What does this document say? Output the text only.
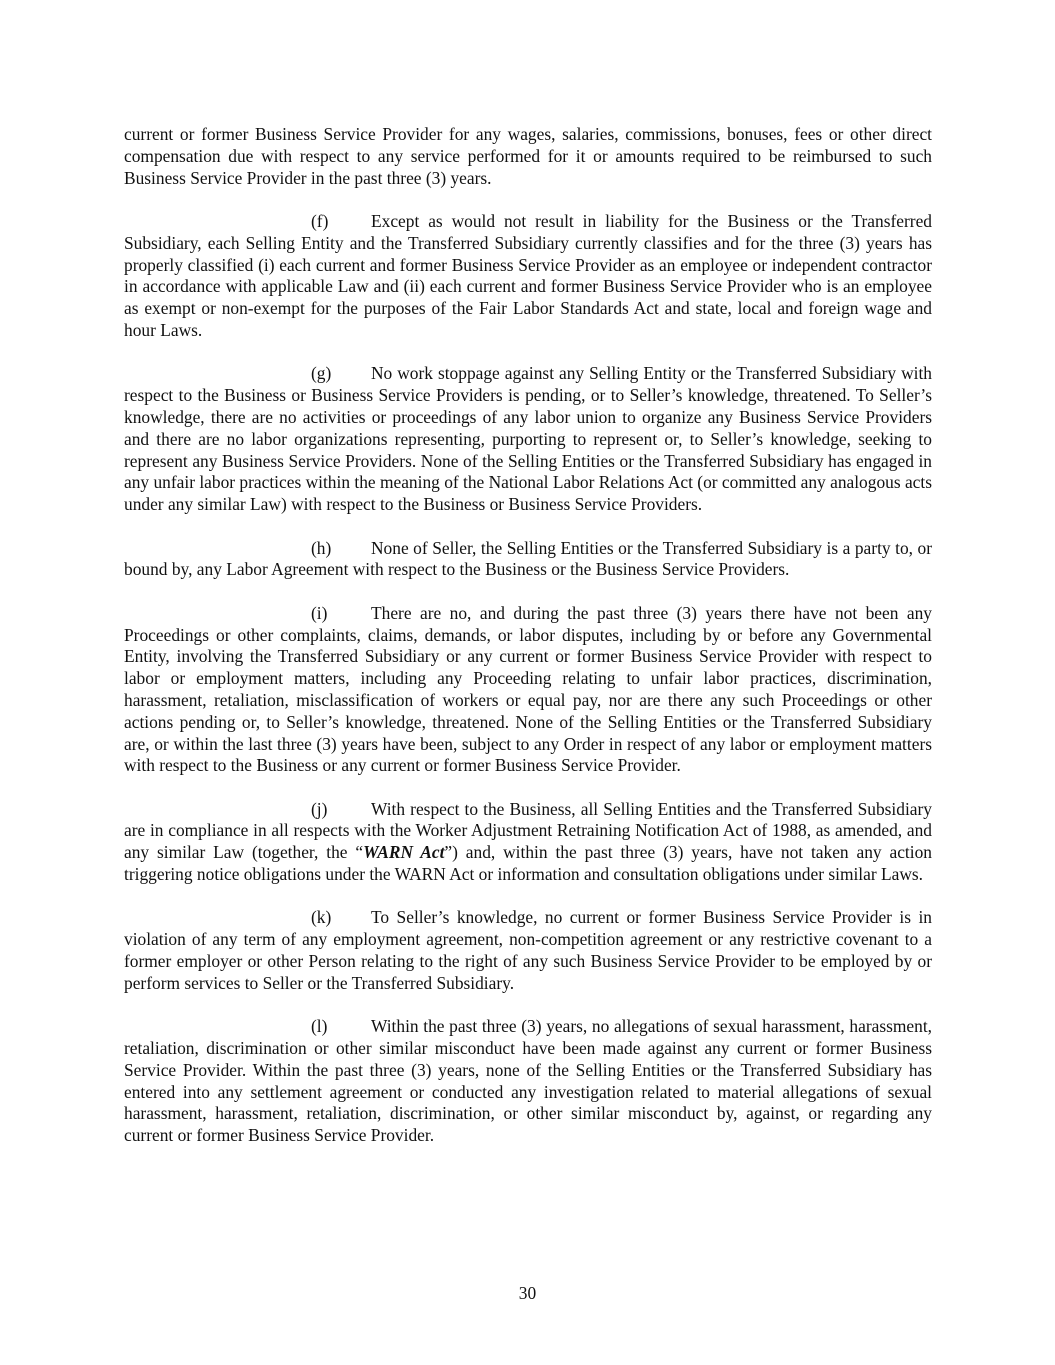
current or former Business Service Provider for any wages, salaries, commissions, bonuses, fees or other direct compensation due with respect to any service performed for it or amounts required to be reimbursed to such Business Service Provider in the past three (3) years.

(f) Except as would not result in liability for the Business or the Transferred Subsidiary, each Selling Entity and the Transferred Subsidiary currently classifies and for the three (3) years has properly classified (i) each current and former Business Service Provider as an employee or independent contractor in accordance with applicable Law and (ii) each current and former Business Service Provider who is an employee as exempt or non-exempt for the purposes of the Fair Labor Standards Act and state, local and foreign wage and hour Laws.

(g) No work stoppage against any Selling Entity or the Transferred Subsidiary with respect to the Business or Business Service Providers is pending, or to Seller’s knowledge, threatened. To Seller’s knowledge, there are no activities or proceedings of any labor union to organize any Business Service Providers and there are no labor organizations representing, purporting to represent or, to Seller’s knowledge, seeking to represent any Business Service Providers. None of the Selling Entities or the Transferred Subsidiary has engaged in any unfair labor practices within the meaning of the National Labor Relations Act (or committed any analogous acts under any similar Law) with respect to the Business or Business Service Providers.

(h) None of Seller, the Selling Entities or the Transferred Subsidiary is a party to, or bound by, any Labor Agreement with respect to the Business or the Business Service Providers.

(i)	There are no, and during the past three (3) years there have not been any Proceedings or other complaints, claims, demands, or labor disputes, including by or before any Governmental Entity, involving the Transferred Subsidiary or any current or former Business Service Provider with respect to labor or employment matters, including any Proceeding relating to unfair labor practices, discrimination, harassment, retaliation, misclassification of workers or equal pay, nor are there any such Proceedings or other actions pending or, to Seller’s knowledge, threatened. None of the Selling Entities or the Transferred Subsidiary are, or within the last three (3) years have been, subject to any Order in respect of any labor or employment matters with respect to the Business or any current or former Business Service Provider.

(j)	With respect to the Business, all Selling Entities and the Transferred Subsidiary are in compliance in all respects with the Worker Adjustment Retraining Notification Act of 1988, as amended, and any similar Law (together, the “WARN Act”) and, within the past three (3) years, have not taken any action triggering notice obligations under the WARN Act or information and consultation obligations under similar Laws.

(k) To Seller’s knowledge, no current or former Business Service Provider is in violation of any term of any employment agreement, non-competition agreement or any restrictive covenant to a former employer or other Person relating to the right of any such Business Service Provider to be employed by or perform services to Seller or the Transferred Subsidiary.

(l)	Within the past three (3) years, no allegations of sexual harassment, harassment, retaliation, discrimination or other similar misconduct have been made against any current or former Business Service Provider. Within the past three (3) years, none of the Selling Entities or the Transferred Subsidiary has entered into any settlement agreement or conducted any investigation related to material allegations of sexual harassment, harassment, retaliation, discrimination, or other similar misconduct by, against, or regarding any current or former Business Service Provider.

30
